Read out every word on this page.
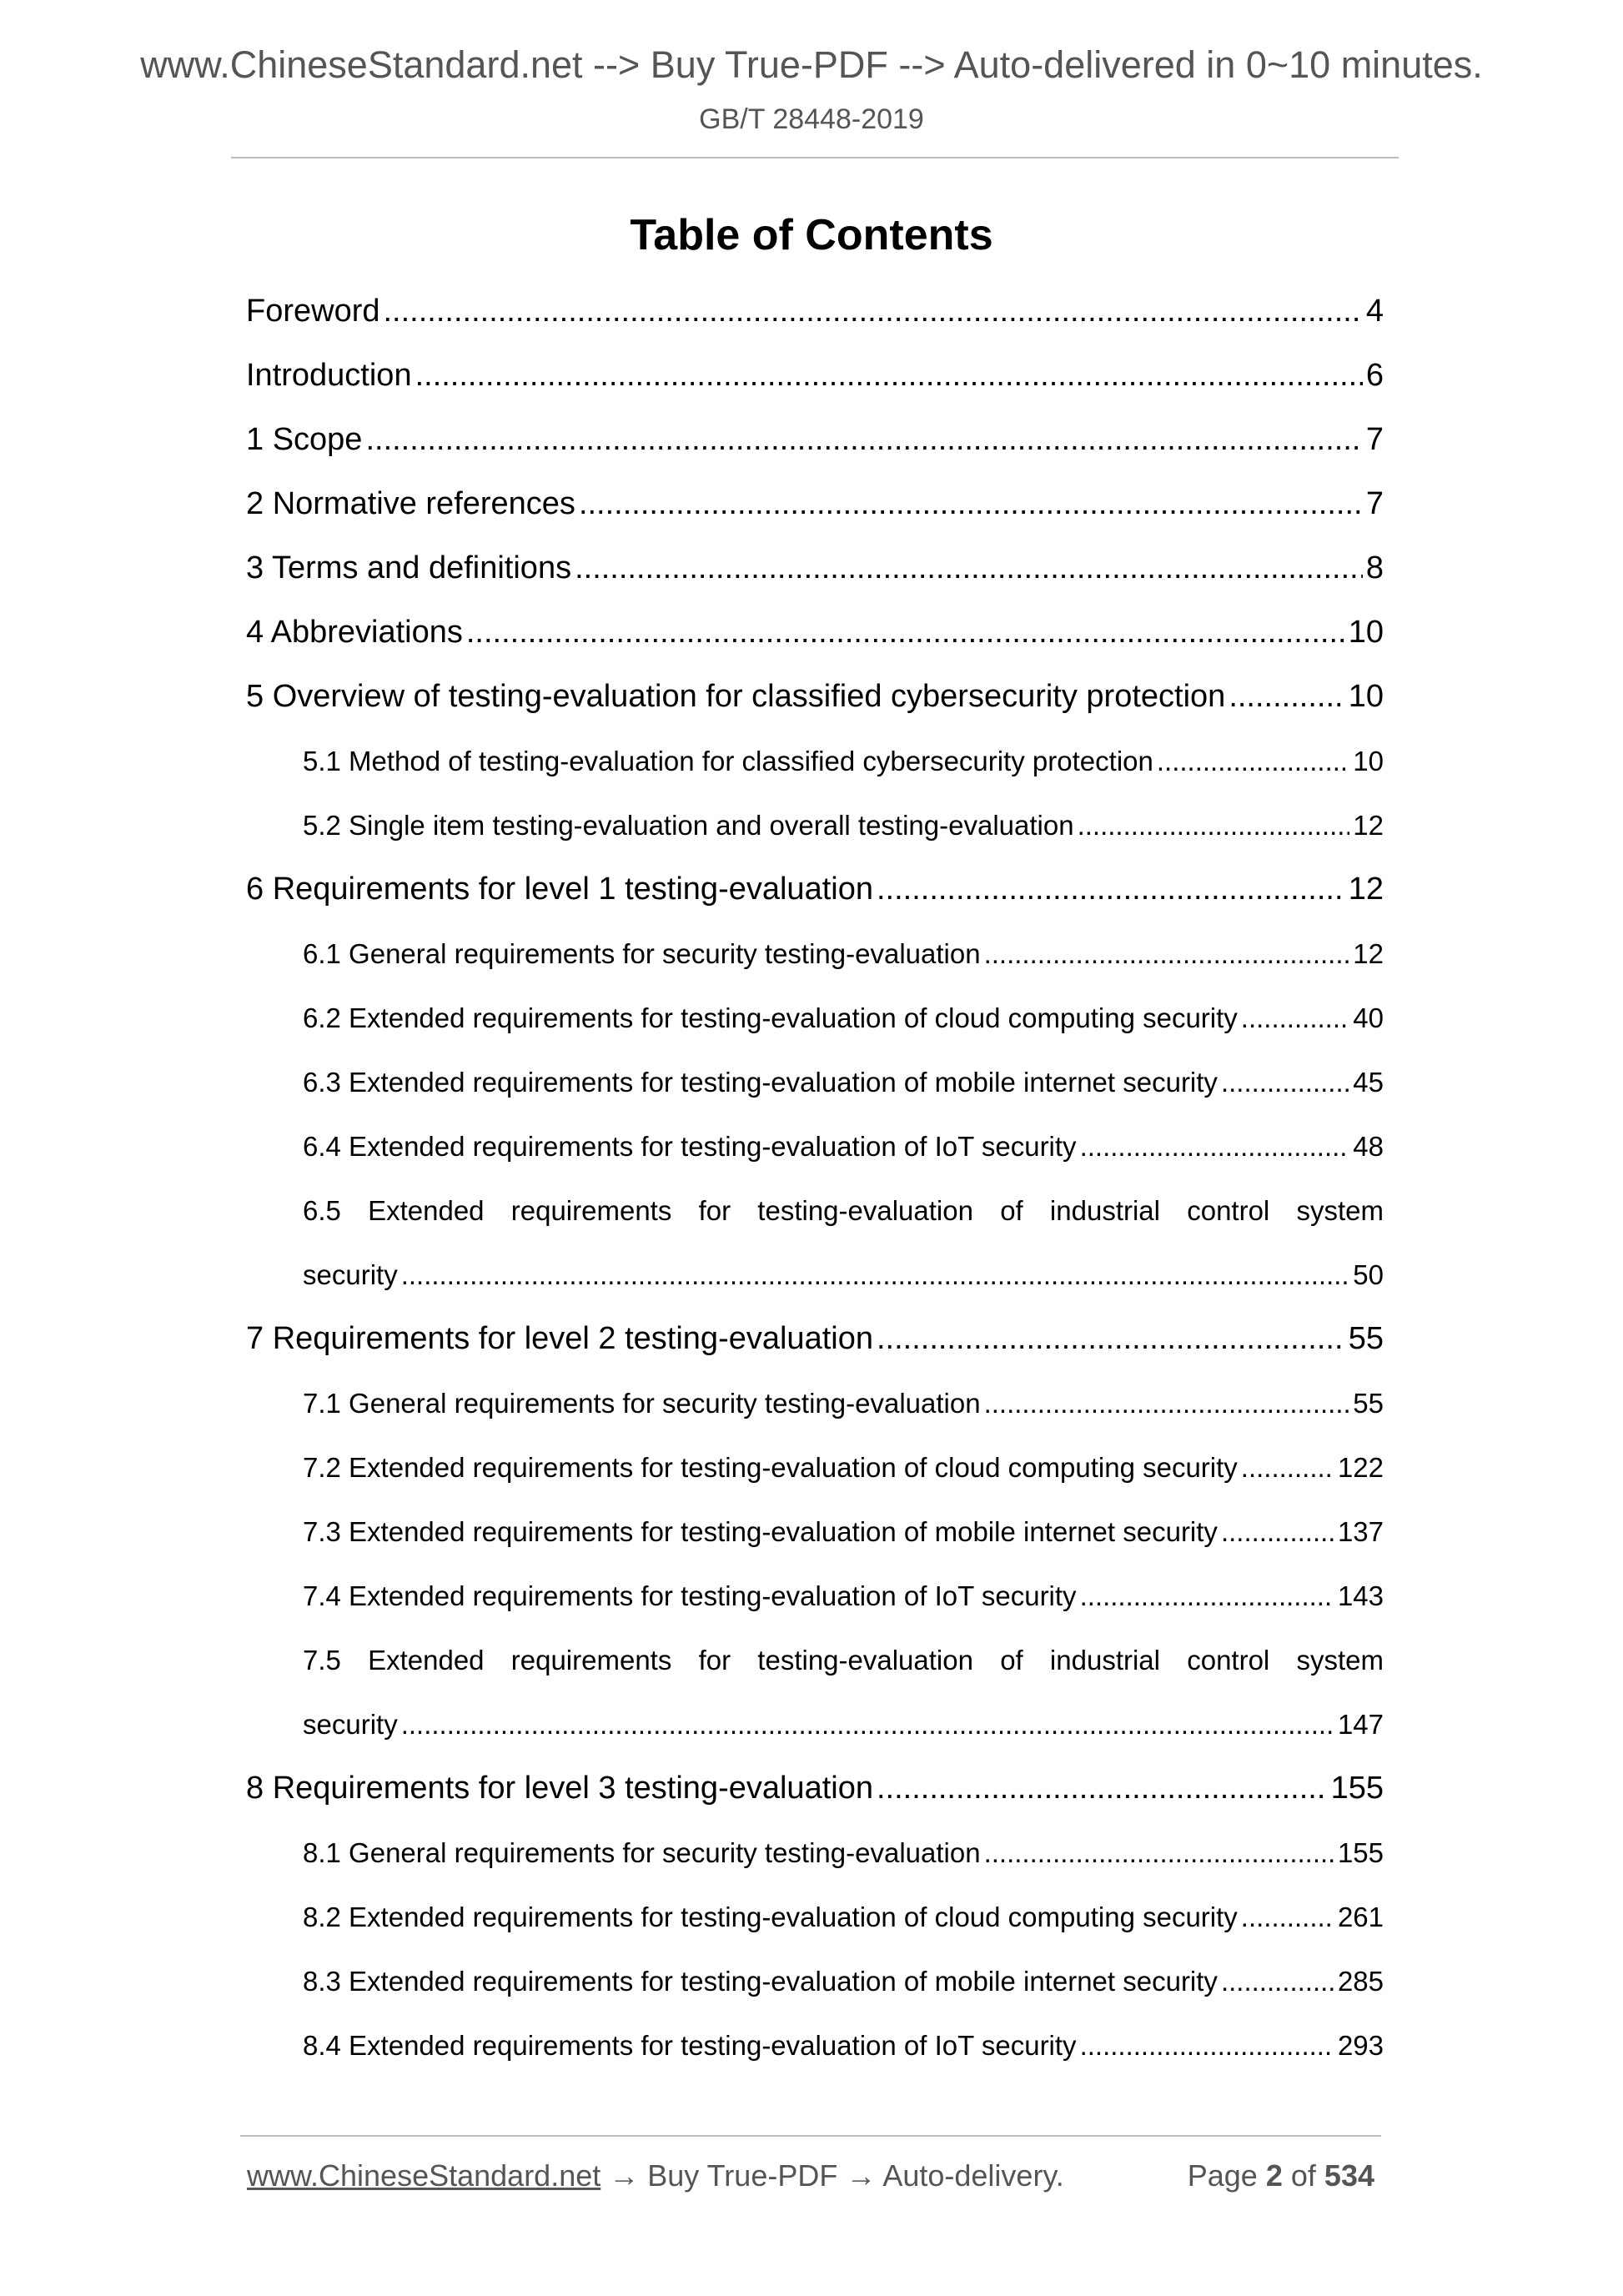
www.ChineseStandard.net --> Buy True-PDF --> Auto-delivered in 0~10 minutes.
GB/T 28448-2019
Table of Contents
Foreword .....	4
Introduction .....	6
1 Scope .....	7
2 Normative references .....	7
3 Terms and definitions .....	8
4 Abbreviations .....	10
5 Overview of testing-evaluation for classified cybersecurity protection .....	10
5.1 Method of testing-evaluation for classified cybersecurity protection .....	10
5.2 Single item testing-evaluation and overall testing-evaluation .....	12
6 Requirements for level 1 testing-evaluation .....	12
6.1 General requirements for security testing-evaluation .....	12
6.2 Extended requirements for testing-evaluation of cloud computing security .....	40
6.3 Extended requirements for testing-evaluation of mobile internet security .....	45
6.4 Extended requirements for testing-evaluation of IoT security .....	48
6.5 Extended requirements for testing-evaluation of industrial control system
security .....	50
7 Requirements for level 2 testing-evaluation .....	55
7.1 General requirements for security testing-evaluation .....	55
7.2 Extended requirements for testing-evaluation of cloud computing security .....	122
7.3 Extended requirements for testing-evaluation of mobile internet security .....	137
7.4 Extended requirements for testing-evaluation of IoT security .....	143
7.5 Extended requirements for testing-evaluation of industrial control system
security .....	147
8 Requirements for level 3 testing-evaluation .....	155
8.1 General requirements for security testing-evaluation .....	155
8.2 Extended requirements for testing-evaluation of cloud computing security .....	261
8.3 Extended requirements for testing-evaluation of mobile internet security .....	285
8.4 Extended requirements for testing-evaluation of IoT security .....	293
www.ChineseStandard.net → Buy True-PDF → Auto-delivery.	Page 2 of 534
